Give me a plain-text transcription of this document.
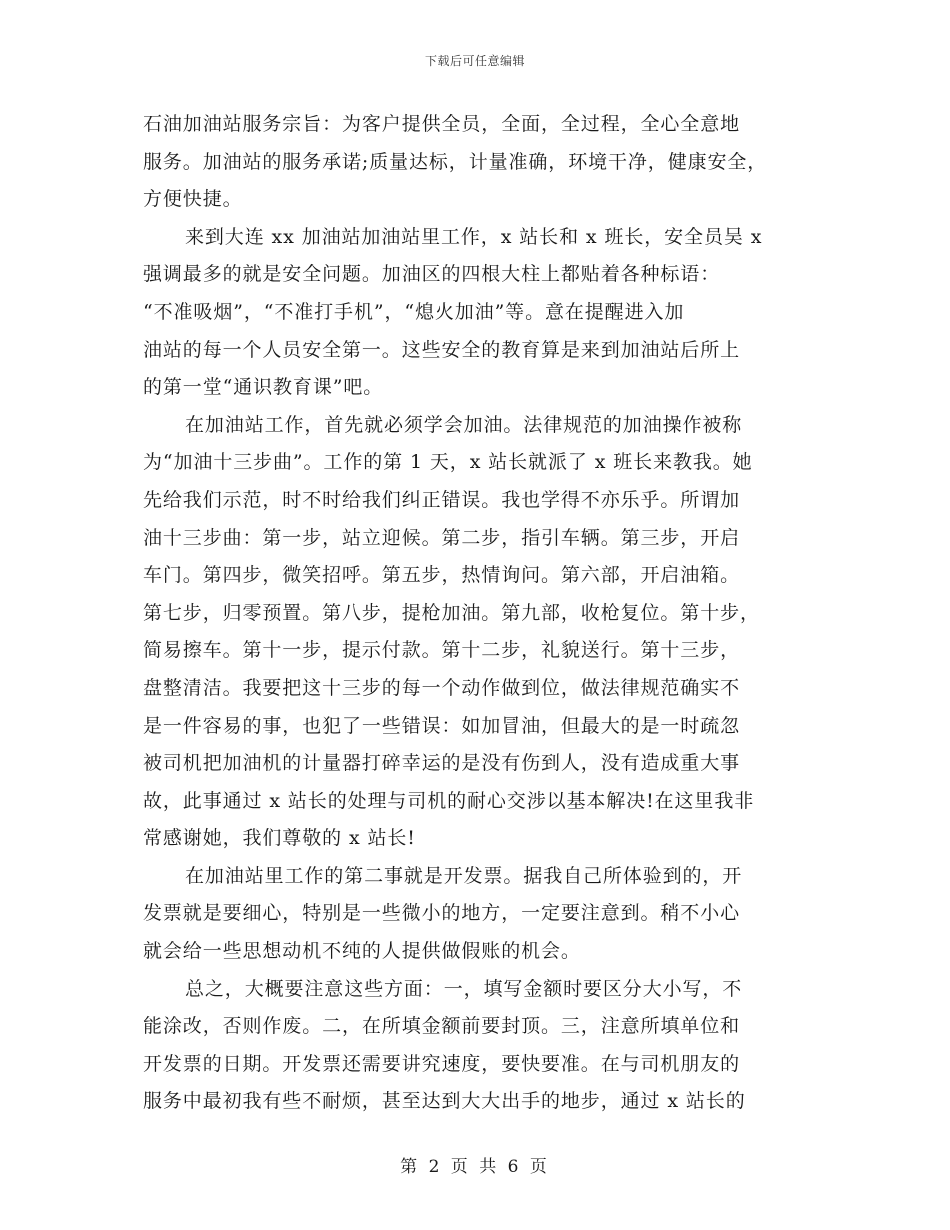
下载后可任意编辑
石油加油站服务宗旨：为客户提供全员，全面，全过程，全心全意地
服务。加油站的服务承诺;质量达标，计量准确，环境干净，健康安全，
方便快捷。
来到大连 xx 加油站加油站里工作，x 站长和 x 班长，安全员吴 x
强调最多的就是安全问题。加油区的四根大柱上都贴着各种标语：
“不准吸烟”，“不准打手机”，“熄火加油”等。意在提醒进入加
油站的每一个人员安全第一。这些安全的教育算是来到加油站后所上
的第一堂“通识教育课”吧。
在加油站工作，首先就必须学会加油。法律规范的加油操作被称
为“加油十三步曲”。工作的第 1 天，x 站长就派了 x 班长来教我。她
先给我们示范，时不时给我们纠正错误。我也学得不亦乐乎。所谓加
油十三步曲：第一步，站立迎候。第二步，指引车辆。第三步，开启
车门。第四步，微笑招呼。第五步，热情询问。第六部，开启油箱。
第七步，归零预置。第八步，提枪加油。第九部，收枪复位。第十步，
简易擦车。第十一步，提示付款。第十二步，礼貌送行。第十三步，
盘整清洁。我要把这十三步的每一个动作做到位，做法律规范确实不
是一件容易的事，也犯了一些错误：如加冒油，但最大的是一时疏忽
被司机把加油机的计量器打碎幸运的是没有伤到人，没有造成重大事
故，此事通过 x 站长的处理与司机的耐心交涉以基本解决!在这里我非
常感谢她，我们尊敬的 x 站长!
在加油站里工作的第二事就是开发票。据我自己所体验到的，开
发票就是要细心，特别是一些微小的地方，一定要注意到。稍不小心
就会给一些思想动机不纯的人提供做假账的机会。
总之，大概要注意这些方面：一，填写金额时要区分大小写，不
能涂改，否则作废。二，在所填金额前要封顶。三，注意所填单位和
开发票的日期。开发票还需要讲究速度，要快要准。在与司机朋友的
服务中最初我有些不耐烦，甚至达到大大出手的地步，通过 x 站长的
第 2 页 共 6 页
